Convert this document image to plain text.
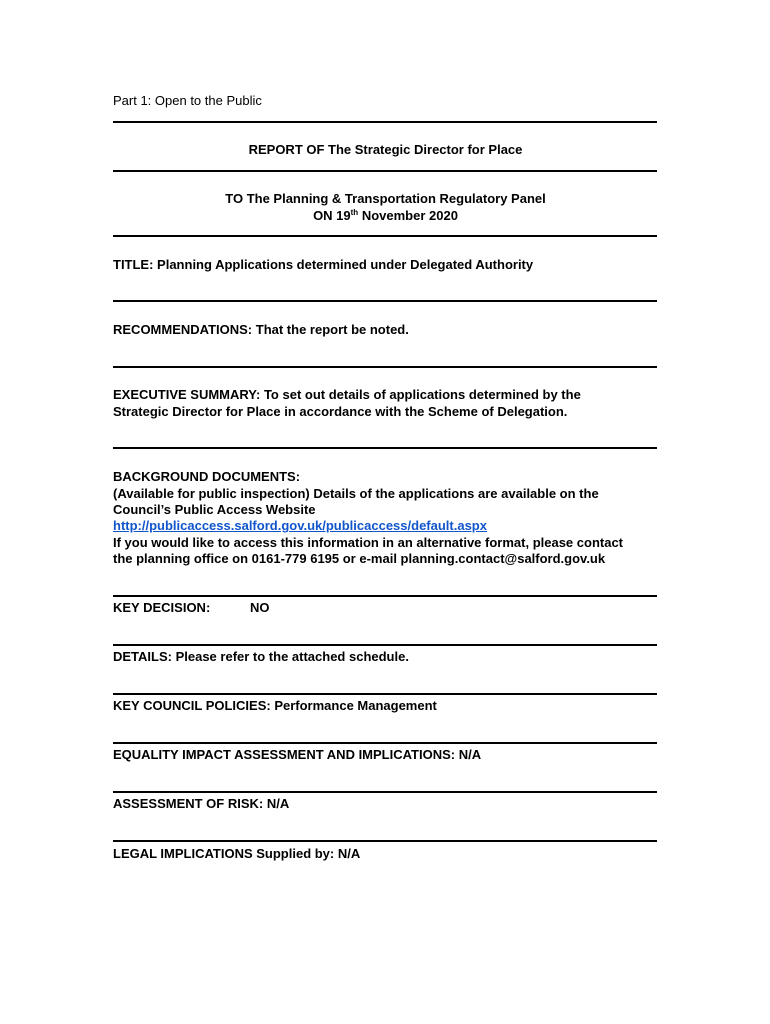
Part 1: Open to the Public
REPORT OF The Strategic Director for Place
TO The Planning & Transportation Regulatory Panel
ON 19th November 2020
TITLE: Planning Applications determined under Delegated Authority
RECOMMENDATIONS: That the report be noted.
EXECUTIVE SUMMARY: To set out details of applications determined by the
Strategic Director for Place in accordance with the Scheme of Delegation.
BACKGROUND DOCUMENTS:
(Available for public inspection) Details of the applications are available on the
Council’s Public Access Website
http://publicaccess.salford.gov.uk/publicaccess/default.aspx
If you would like to access this information in an alternative format, please contact
the planning office on 0161-779 6195 or e-mail planning.contact@salford.gov.uk
KEY DECISION:	NO
DETAILS: Please refer to the attached schedule.
KEY COUNCIL POLICIES: Performance Management
EQUALITY IMPACT ASSESSMENT AND IMPLICATIONS: N/A
ASSESSMENT OF RISK: N/A
LEGAL IMPLICATIONS Supplied by: N/A
